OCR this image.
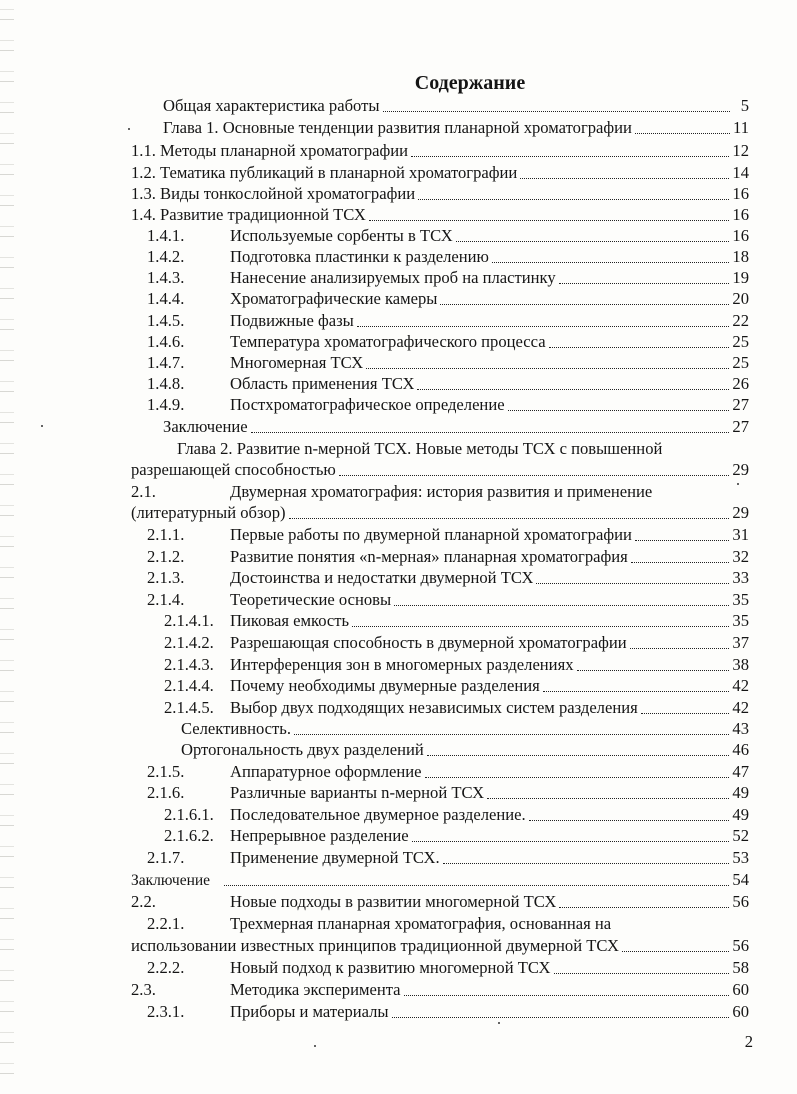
Содержание
Общая характеристика работы	5
Глава 1. Основные тенденции развития планарной хроматографии	11
1.1. Методы планарной хроматографии	12
1.2. Тематика публикаций в планарной хроматографии	14
1.3. Виды тонкослойной хроматографии	16
1.4. Развитие традиционной ТСХ	16
1.4.1.	Используемые сорбенты в ТСХ	16
1.4.2.	Подготовка пластинки к разделению	18
1.4.3.	Нанесение анализируемых проб на пластинку	19
1.4.4.	Хроматографические камеры	20
1.4.5.	Подвижные фазы	22
1.4.6.	Температура хроматографического процесса	25
1.4.7.	Многомерная ТСХ	25
1.4.8.	Область применения ТСХ	26
1.4.9.	Постхроматографическое определение	27
Заключение	27
Глава 2. Развитие n-мерной ТСХ. Новые методы ТСХ с повышенной
разрешающей способностью	29
2.1.	Двумерная хроматография: история развития и применение
(литературный обзор)	29
2.1.1.	Первые работы по двумерной планарной хроматографии	31
2.1.2.	Развитие понятия «n-мерная» планарная хроматография	32
2.1.3.	Достоинства и недостатки двумерной ТСХ	33
2.1.4.	Теоретические основы	35
2.1.4.1. Пиковая емкость	35
2.1.4.2. Разрешающая способность в двумерной хроматографии	37
2.1.4.3. Интерференция зон в многомерных разделениях	38
2.1.4.4. Почему необходимы двумерные разделения	42
2.1.4.5. Выбор двух подходящих независимых систем разделения	42
Селективность.	43
Ортогональность двух разделений	46
2.1.5.	Аппаратурное оформление	47
2.1.6.	Различные варианты n-мерной ТСХ	49
2.1.6.1. Последовательное двумерное разделение.	49
2.1.6.2. Непрерывное разделение	52
2.1.7.	Применение двумерной ТСХ.	53
Заключение	54
2.2.	Новые подходы в развитии многомерной ТСХ	56
2.2.1.	Трехмерная планарная хроматография, основанная на
использовании известных принципов традиционной двумерной ТСХ	56
2.2.2.	Новый подход к развитию многомерной ТСХ	58
2.3.	Методика эксперимента	60
2.3.1.	Приборы и материалы	60
2
